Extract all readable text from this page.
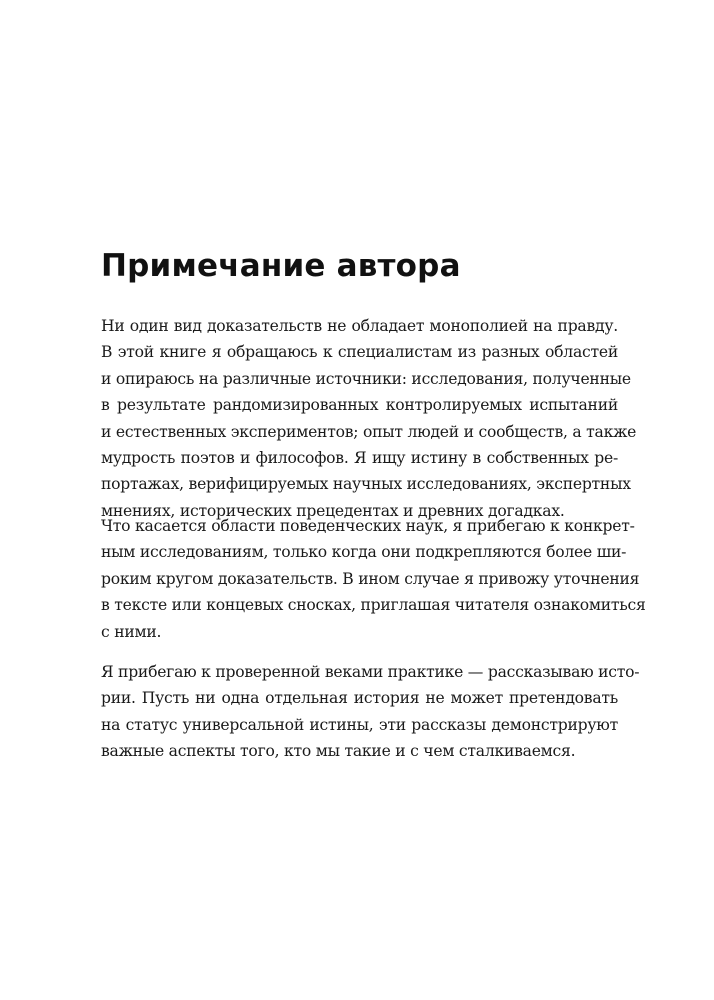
Примечание автора

Ни один вид доказательств не обладает монополией на правду.
В этой книге я обращаюсь к специалистам из разных областей
и опираюсь на различные источники: исследования, полученные
в результате рандомизированных контролируемых испытаний
и естественных экспериментов; опыт людей и сообществ, а также
мудрость поэтов и философов. Я ищу истину в собственных ре-
портажах, верифицируемых научных исследованиях, экспертных
мнениях, исторических прецедентах и древних догадках.

Что касается области поведенческих наук, я прибегаю к конкрет-
ным исследованиям, только когда они подкрепляются более ши-
роким кругом доказательств. В ином случае я привожу уточнения
в тексте или концевых сносках, приглашая читателя ознакомиться
с ними.

Я прибегаю к проверенной веками практике — рассказываю исто-
рии. Пусть ни одна отдельная история не может претендовать
на статус универсальной истины, эти рассказы демонстрируют
важные аспекты того, кто мы такие и с чем сталкиваемся.
